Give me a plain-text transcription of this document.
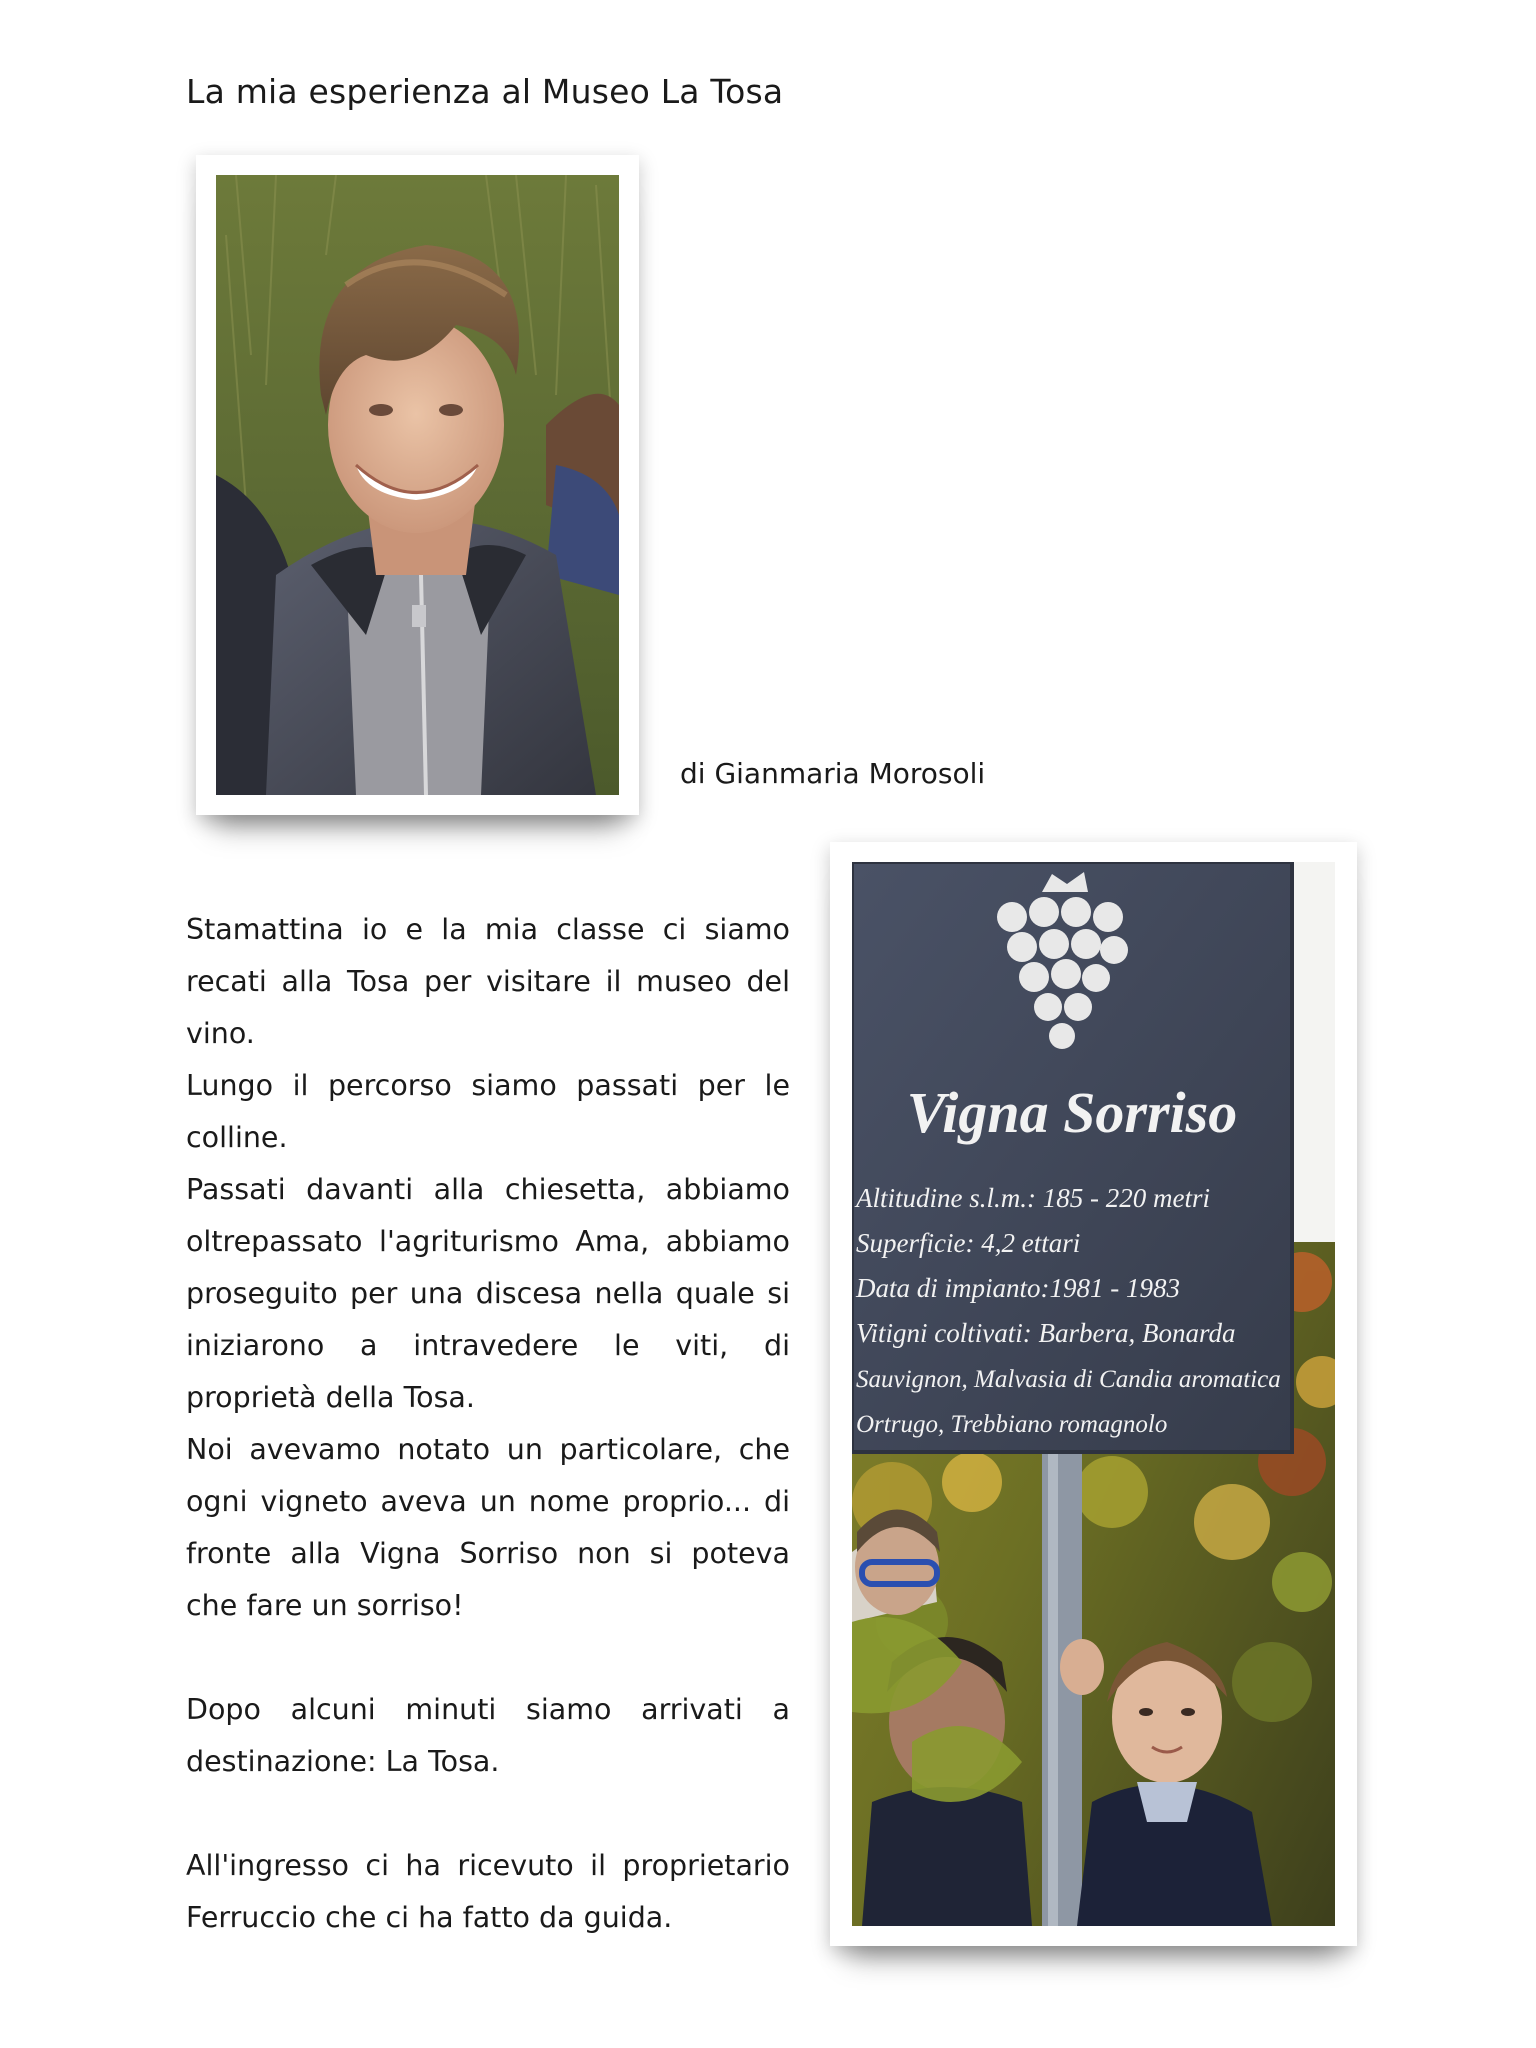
La mia esperienza al Museo La Tosa

di Gianmaria Morosoli

Stamattina io e la mia classe ci siamo recati alla Tosa per visitare il museo del vino.

Lungo il percorso siamo passati per le colline.

Passati davanti alla chiesetta, abbiamo oltrepassato l'agriturismo Ama, abbiamo proseguito per una discesa nella quale si iniziarono a intravedere le viti, di proprietà della Tosa.

Noi avevamo notato un particolare, che ogni vigneto aveva un nome proprio... di fronte alla Vigna Sorriso non si poteva che fare un sorriso!

Dopo alcuni minuti siamo arrivati a destinazione: La Tosa.

All'ingresso ci ha ricevuto il proprietario Ferruccio che ci ha fatto da guida.

Vigna Sorriso
Altitudine s.l.m.: 185 - 220 metri
Superficie: 4,2 ettari
Data di impianto:1981 - 1983
Vitigni coltivati: Barbera, Bonarda
Sauvignon, Malvasia di Candia aromatica
Ortrugo, Trebbiano romagnolo
